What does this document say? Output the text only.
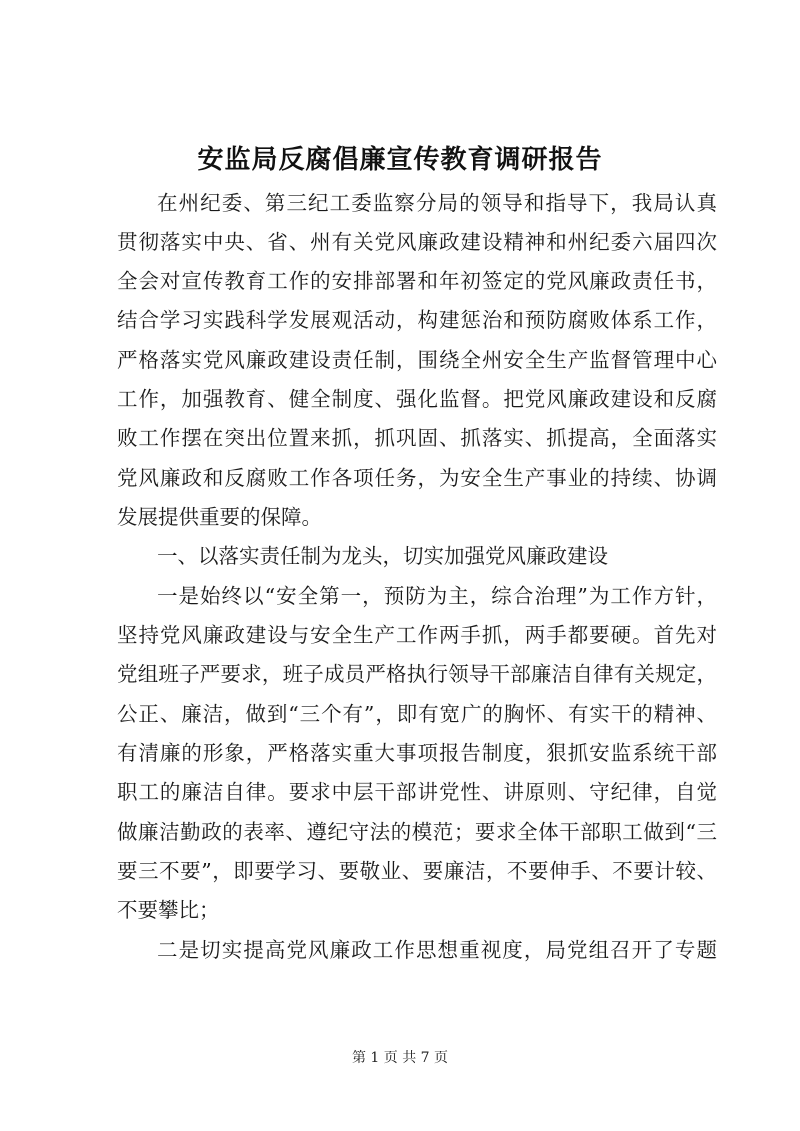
安监局反腐倡廉宣传教育调研报告
在州纪委、第三纪工委监察分局的领导和指导下，我局认真
贯彻落实中央、省、州有关党风廉政建设精神和州纪委六届四次
全会对宣传教育工作的安排部署和年初签定的党风廉政责任书，
结合学习实践科学发展观活动，构建惩治和预防腐败体系工作，
严格落实党风廉政建设责任制，围绕全州安全生产监督管理中心
工作，加强教育、健全制度、强化监督。把党风廉政建设和反腐
败工作摆在突出位置来抓，抓巩固、抓落实、抓提高，全面落实
党风廉政和反腐败工作各项任务，为安全生产事业的持续、协调
发展提供重要的保障。
一、以落实责任制为龙头，切实加强党风廉政建设
一是始终以“安全第一，预防为主，综合治理”为工作方针，
坚持党风廉政建设与安全生产工作两手抓，两手都要硬。首先对
党组班子严要求，班子成员严格执行领导干部廉洁自律有关规定，
公正、廉洁，做到“三个有”，即有宽广的胸怀、有实干的精神、
有清廉的形象，严格落实重大事项报告制度，狠抓安监系统干部
职工的廉洁自律。要求中层干部讲党性、讲原则、守纪律，自觉
做廉洁勤政的表率、遵纪守法的模范；要求全体干部职工做到“三
要三不要”，即要学习、要敬业、要廉洁，不要伸手、不要计较、
不要攀比；
二是切实提高党风廉政工作思想重视度，局党组召开了专题
第 1 页 共 7 页
